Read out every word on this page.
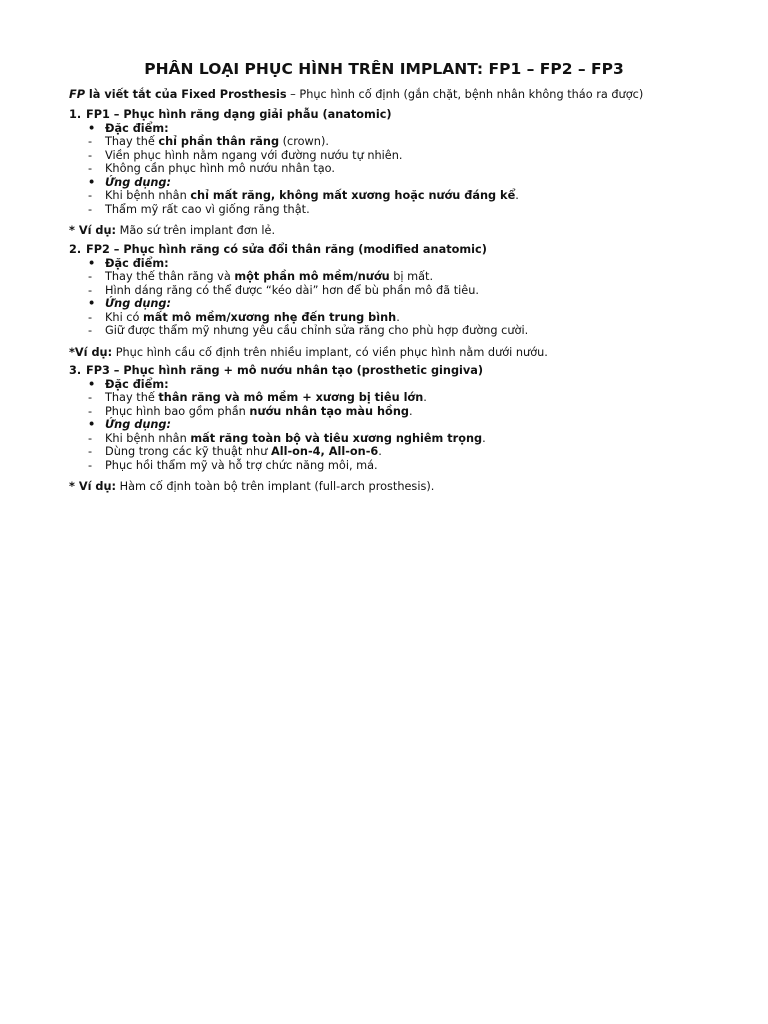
PHÂN LOẠI PHỤC HÌNH TRÊN IMPLANT: FP1 – FP2 – FP3
FP là viết tắt của Fixed Prosthesis – Phục hình cố định (gắn chặt, bệnh nhân không tháo ra được)
1. FP1 – Phục hình răng dạng giải phẫu (anatomic)
• Đặc điểm:
-	Thay thế chỉ phần thân răng (crown).
-	Viền phục hình nằm ngang với đường nướu tự nhiên.
-	Không cần phục hình mô nướu nhân tạo.
• Ứng dụng:
-	Khi bệnh nhân chỉ mất răng, không mất xương hoặc nướu đáng kể.
-	Thẩm mỹ rất cao vì giống răng thật.
* Ví dụ: Mão sứ trên implant đơn lẻ.
2. FP2 – Phục hình răng có sửa đổi thân răng (modified anatomic)
• Đặc điểm:
-	Thay thế thân răng và một phần mô mềm/nướu bị mất.
-	Hình dáng răng có thể được “kéo dài” hơn để bù phần mô đã tiêu.
• Ứng dụng:
-	Khi có mất mô mềm/xương nhẹ đến trung bình.
-	Giữ được thẩm mỹ nhưng yêu cầu chỉnh sửa răng cho phù hợp đường cười.
*Ví dụ: Phục hình cầu cố định trên nhiều implant, có viền phục hình nằm dưới nướu.
3. FP3 – Phục hình răng + mô nướu nhân tạo (prosthetic gingiva)
• Đặc điểm:
-	Thay thế thân răng và mô mềm + xương bị tiêu lớn.
-	Phục hình bao gồm phần nướu nhân tạo màu hồng.
• Ứng dụng:
-	Khi bệnh nhân mất răng toàn bộ và tiêu xương nghiêm trọng.
-	Dùng trong các kỹ thuật như All-on-4, All-on-6.
-	Phục hồi thẩm mỹ và hỗ trợ chức năng môi, má.
* Ví dụ: Hàm cố định toàn bộ trên implant (full-arch prosthesis).
